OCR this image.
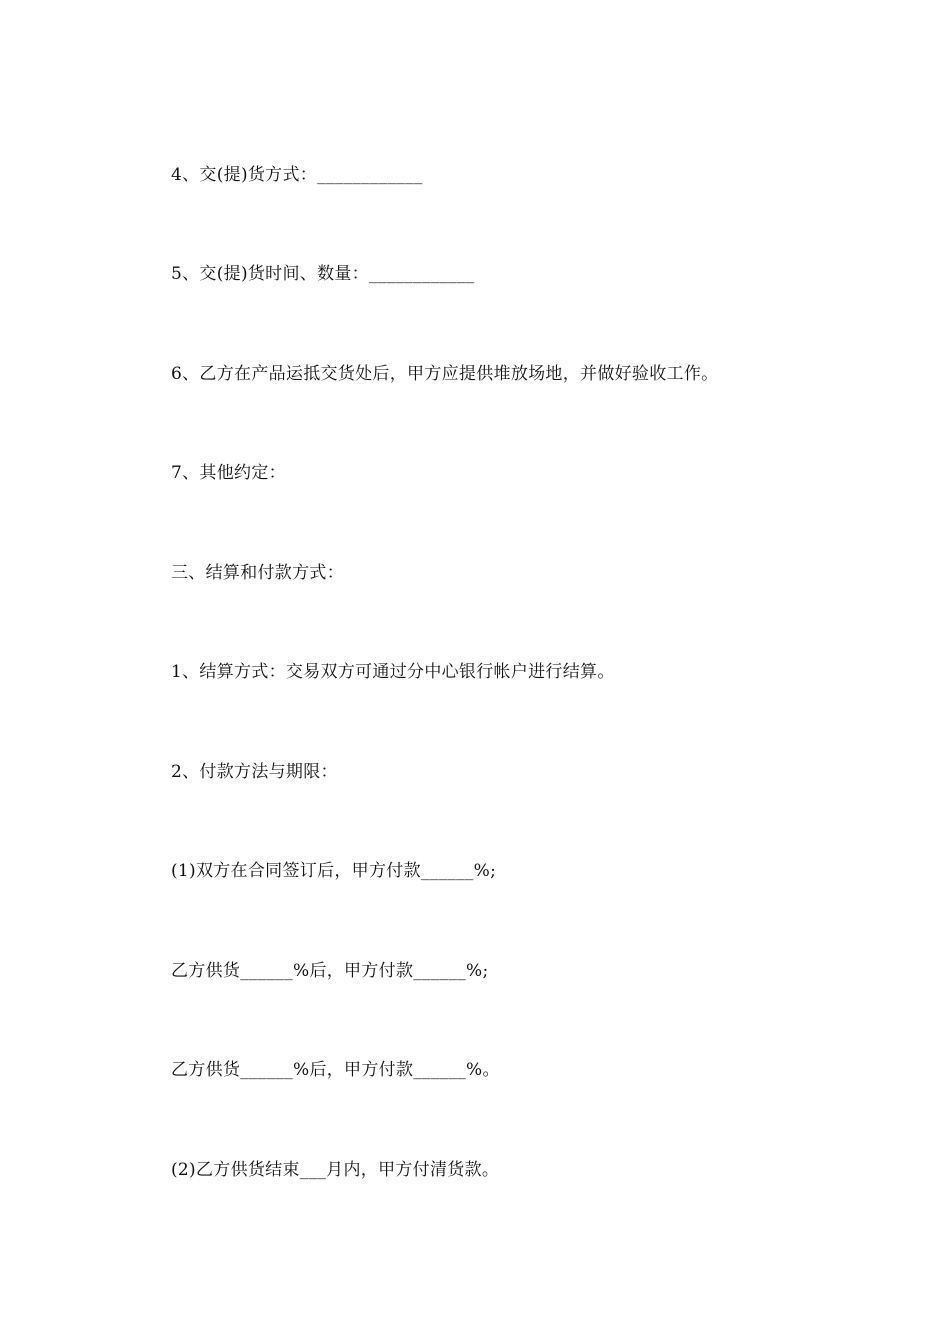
4、交(提)货方式：____________
5、交(提)货时间、数量：____________
6、乙方在产品运抵交货处后，甲方应提供堆放场地，并做好验收工作。
7、其他约定：
三、结算和付款方式：
1、结算方式：交易双方可通过分中心银行帐户进行结算。
2、付款方法与期限：
(1)双方在合同签订后，甲方付款______%;
乙方供货______%后，甲方付款______%;
乙方供货______%后，甲方付款______%。
(2)乙方供货结束___月内，甲方付清货款。
